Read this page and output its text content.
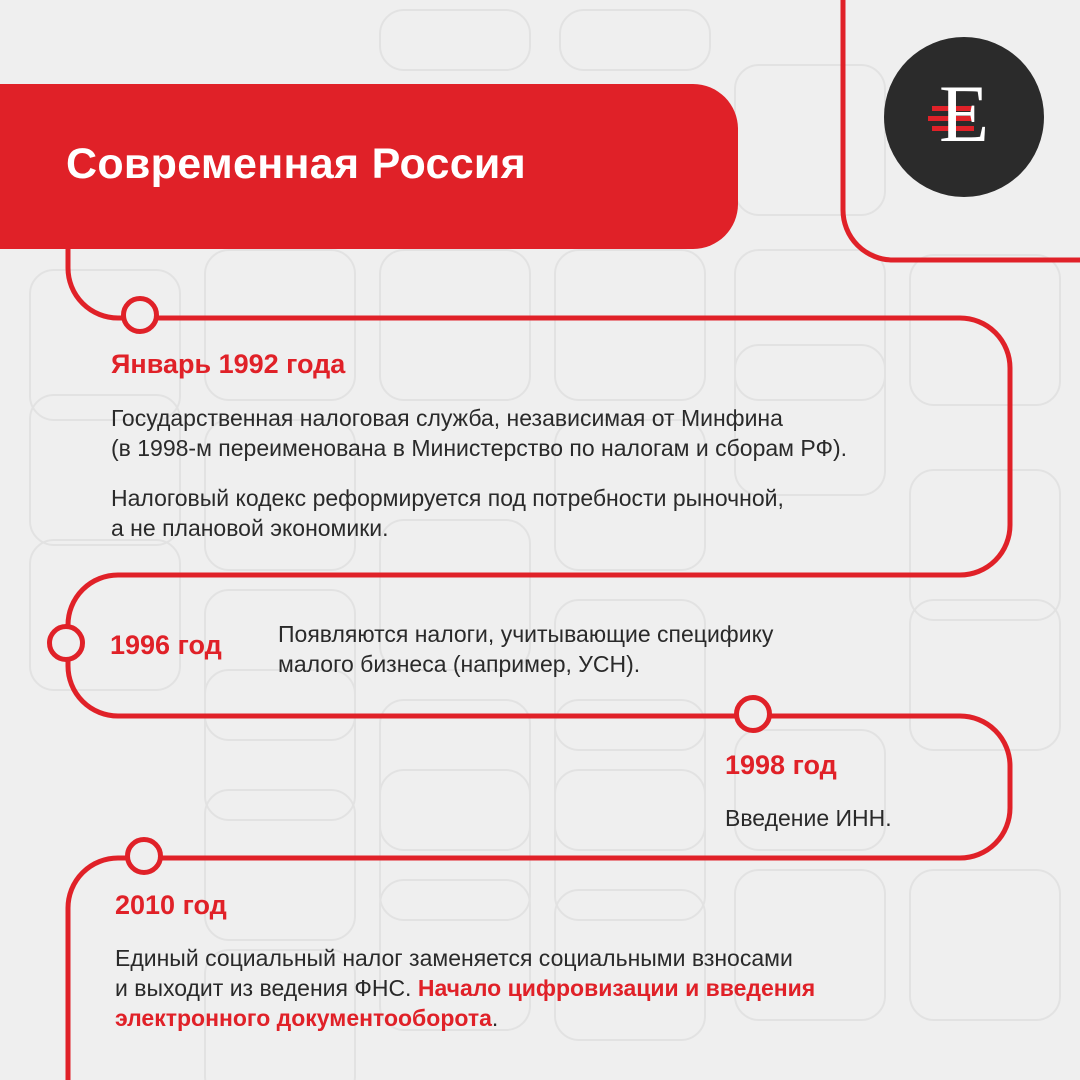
Современная Россия
Е
Январь 1992 года
Государственная налоговая служба, независимая от Минфина
(в 1998-м переименована в Министерство по налогам и сборам РФ).
Налоговый кодекс реформируется под потребности рыночной,
а не плановой экономики.
1996 год Появляются налоги, учитывающие специфику
малого бизнеса (например, УСН).
1998 год
Введение ИНН.
2010 год
Единый социальный налог заменяется социальными взносами
и выходит из ведения ФНС. Начало цифровизации и введения
электронного документооборота.
